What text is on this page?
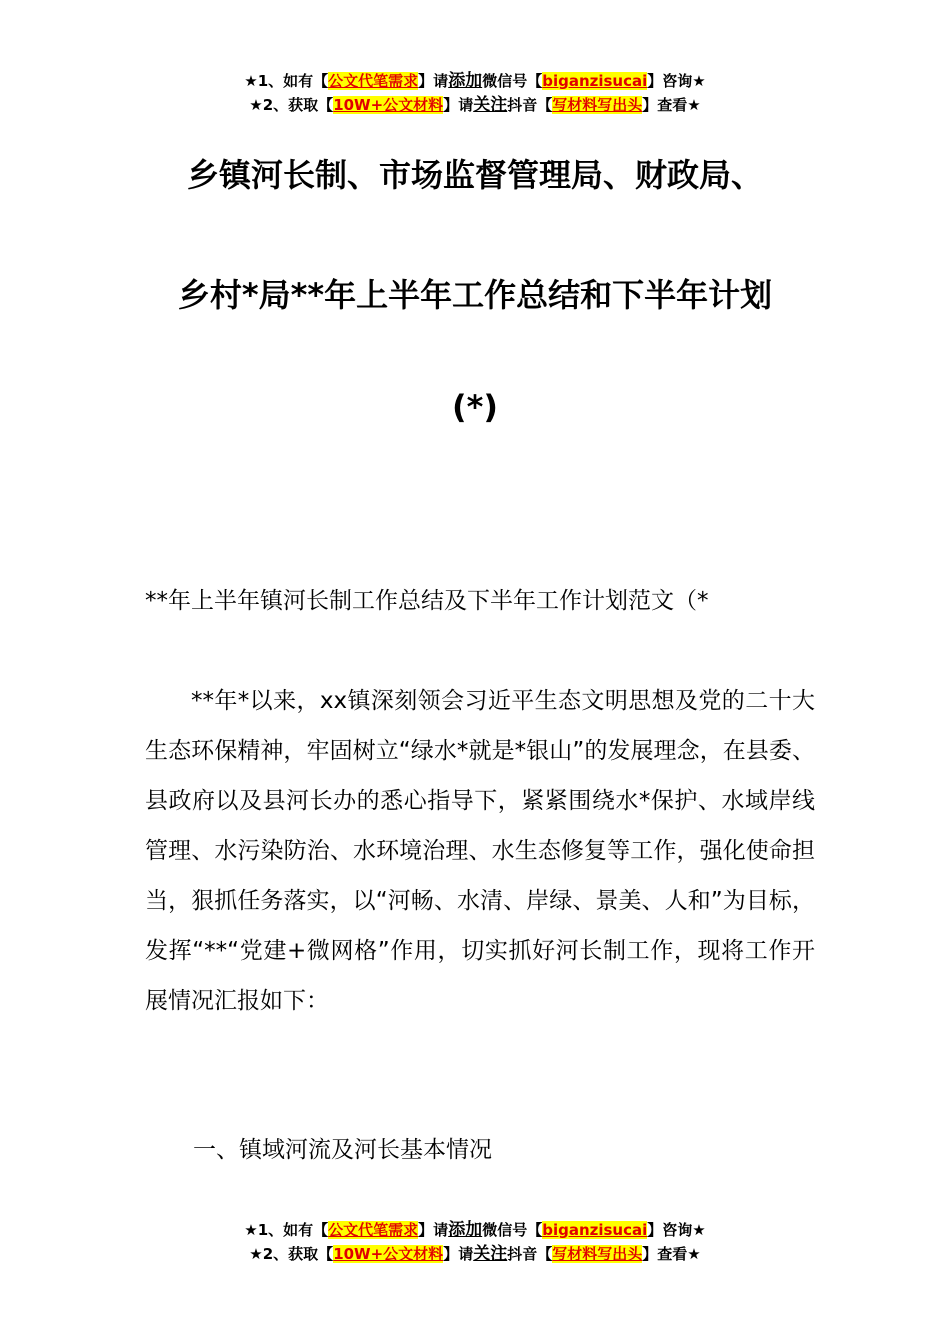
★1、如有【公文代笔需求】请添加微信号【biganzisucai】咨询★
★2、获取【10W+公文材料】请关注抖音【写材料写出头】查看★
乡镇河长制、市场监督管理局、财政局、
乡村*局**年上半年工作总结和下半年计划
(*)
**年上半年镇河长制工作总结及下半年工作计划范文（*
**年*以来，xx镇深刻领会习近平生态文明思想及党的二十大生态环保精神，牢固树立“绿水*就是*银山”的发展理念，在县委、县政府以及县河长办的悉心指导下，紧紧围绕水*保护、水域岸线管理、水污染防治、水环境治理、水生态修复等工作，强化使命担当，狠抓任务落实，以“河畅、水清、岸绿、景美、人和”为目标，发挥“**“党建+微网格”作用，切实抓好河长制工作，现将工作开展情况汇报如下：
一、镇域河流及河长基本情况
★1、如有【公文代笔需求】请添加微信号【biganzisucai】咨询★
★2、获取【10W+公文材料】请关注抖音【写材料写出头】查看★
